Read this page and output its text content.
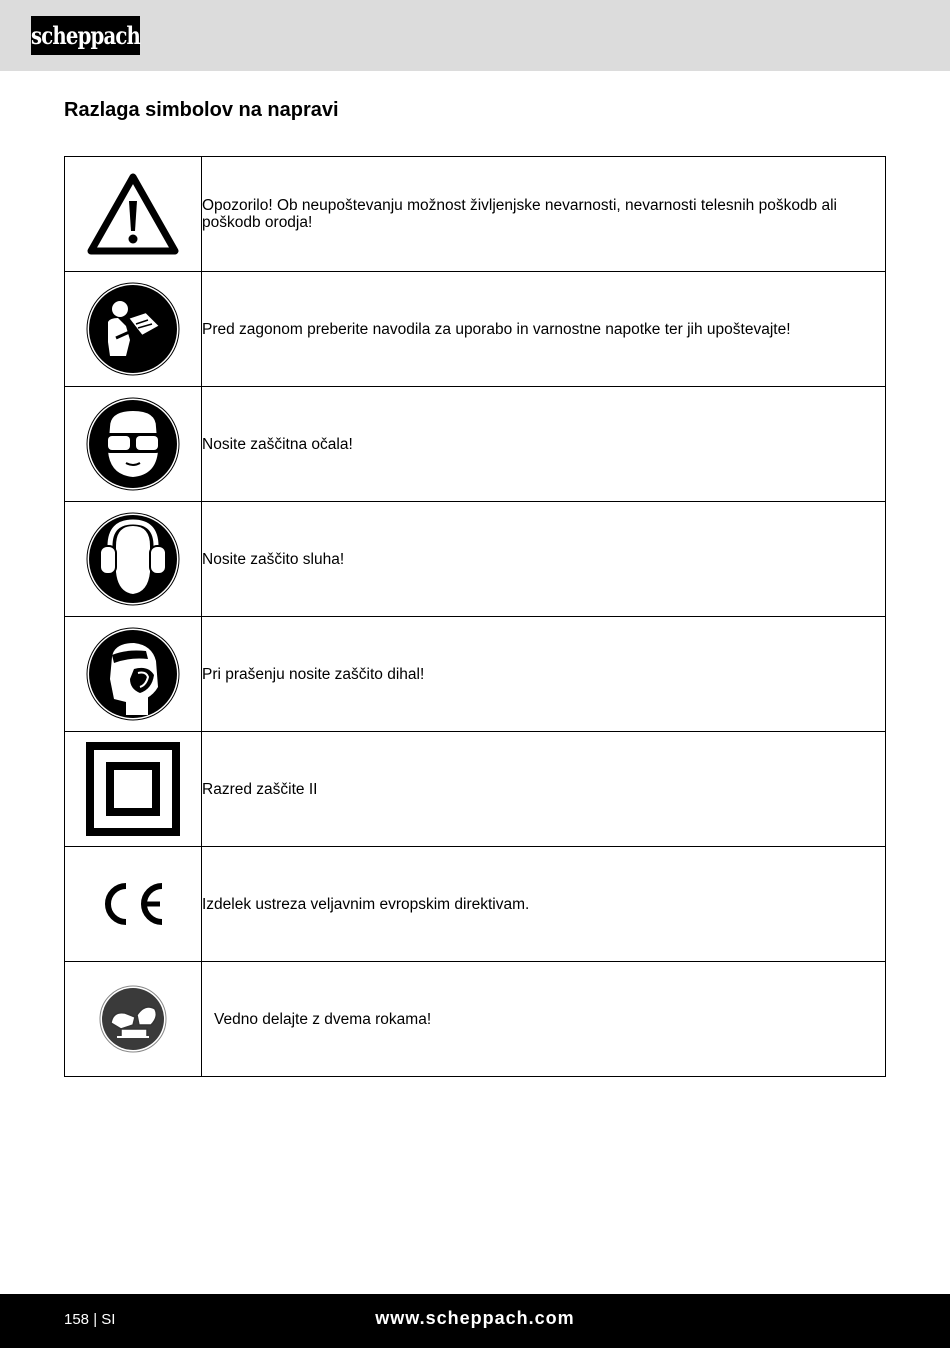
scheppach
Razlaga simbolov na napravi
	Opozorilo! Ob neupoštevanju možnost življenjske nevarnosti, nevarnosti telesnih poškodb ali poškodb orodja!

	Pred zagonom preberite navodila za uporabo in varnostne napotke ter jih upoštevajte!

	Nosite zaščitna očala!

	Nosite zaščito sluha!

	Pri prašenju nosite zaščito dihal!

	Razred zaščite II

	Izdelek ustreza veljavnim evropskim direktivam.

	Vedno delajte z dvema rokama!
158 | SI	www.scheppach.com
